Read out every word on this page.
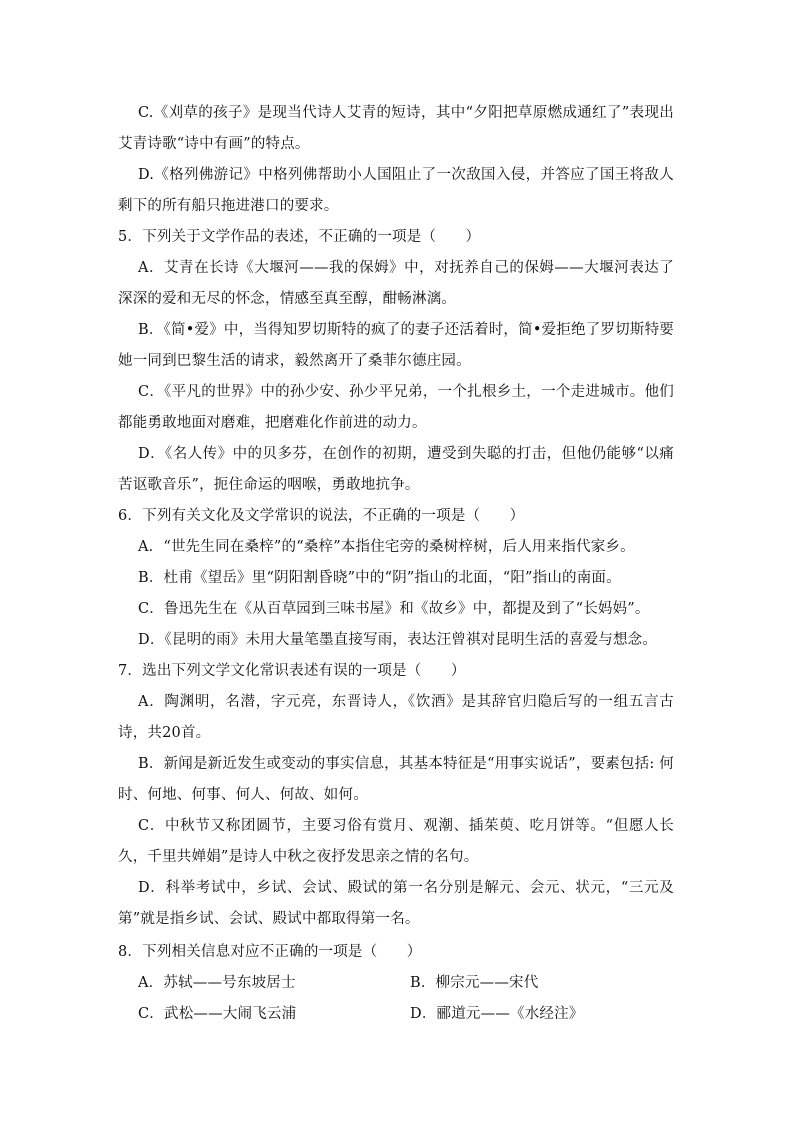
C.《刈草的孩子》是现当代诗人艾青的短诗，其中“夕阳把草原燃成通红了”表现出艾青诗歌“诗中有画”的特点。
D.《格列佛游记》中格列佛帮助小人国阻止了一次敌国入侵，并答应了国王将敌人剩下的所有船只拖进港口的要求。
5．下列关于文学作品的表述，不正确的一项是（　　）
A．艾青在长诗《大堰河——我的保姆》中，对抚养自己的保姆——大堰河表达了深深的爱和无尽的怀念，情感至真至醇，酣畅淋漓。
B．《简•爱》中，当得知罗切斯特的疯了的妻子还活着时，简•爱拒绝了罗切斯特要她一同到巴黎生活的请求，毅然离开了桑菲尔德庄园。
C．《平凡的世界》中的孙少安、孙少平兄弟，一个扎根乡土，一个走进城市。他们都能勇敢地面对磨难，把磨难化作前进的动力。
D．《名人传》中的贝多芬，在创作的初期，遭受到失聪的打击，但他仍能够“以痛苦讴歌音乐”，扼住命运的咽喉，勇敢地抗争。
6．下列有关文化及文学常识的说法，不正确的一项是（　　）
A．“世先生同在桑梓”的“桑梓”本指住宅旁的桑树梓树，后人用来指代家乡。
B．杜甫《望岳》里“阴阳割昏晓”中的“阴”指山的北面，“阳”指山的南面。
C．鲁迅先生在《从百草园到三味书屋》和《故乡》中，都提及到了“长妈妈”。
D．《昆明的雨》未用大量笔墨直接写雨，表达汪曾祺对昆明生活的喜爱与想念。
7．选出下列文学文化常识表述有误的一项是（　　）
A．陶渊明，名潜，字元亮，东晋诗人，《饮酒》是其辞官归隐后写的一组五言古诗，共20首。
B．新闻是新近发生或变动的事实信息，其基本特征是“用事实说话”，要素包括: 何时、何地、何事、何人、何故、如何。
C．中秋节又称团圆节，主要习俗有赏月、观潮、插茱萸、吃月饼等。“但愿人长久，千里共婵娟”是诗人中秋之夜抒发思亲之情的名句。
D．科举考试中，乡试、会试、殿试的第一名分别是解元、会元、状元，“三元及第”就是指乡试、会试、殿试中都取得第一名。
8．下列相关信息对应不正确的一项是（　　）
A．苏轼——号东坡居士	B．柳宗元——宋代
C．武松——大闹飞云浦	D．郦道元——《水经注》
